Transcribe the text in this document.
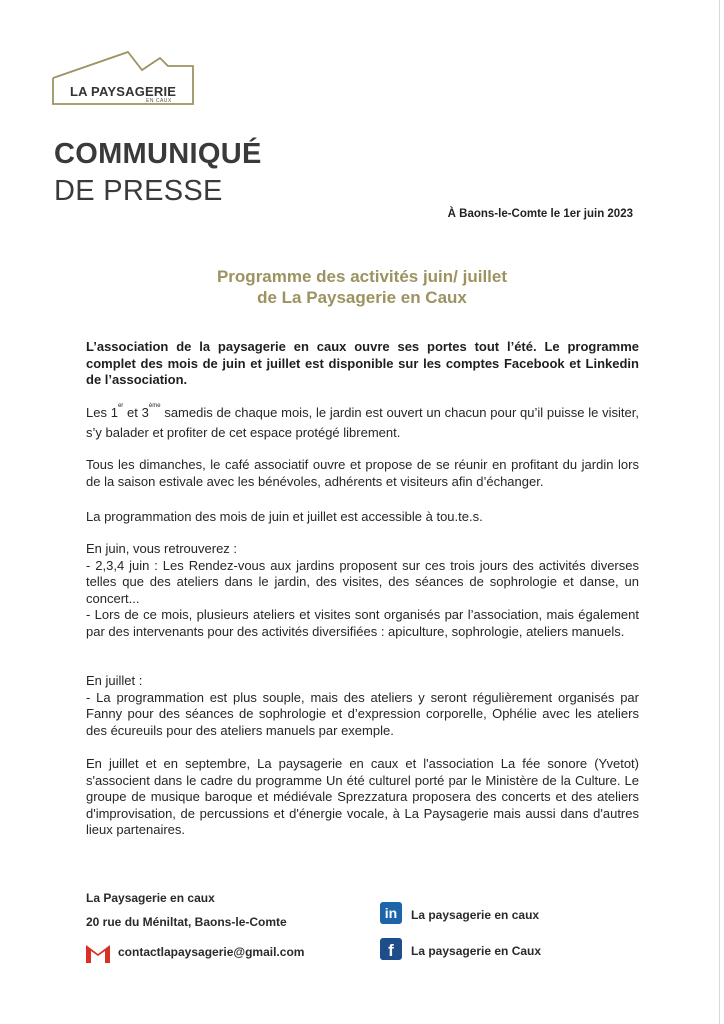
LA PAYSAGERIE
EN CAUX
COMMUNIQUÉ
DE PRESSE
À Baons-le-Comte le 1er juin 2023
Programme des activités juin/ juillet
de La Paysagerie en Caux

L’association de la paysagerie en caux ouvre ses portes tout l’été. Le programme complet des mois de juin et juillet est disponible sur les comptes Facebook et Linkedin de l’association.

Les 1er et 3ème samedis de chaque mois, le jardin est ouvert un chacun pour qu’il puisse le visiter, s’y balader et profiter de cet espace protégé librement.

Tous les dimanches, le café associatif ouvre et propose de se réunir en profitant du jardin lors de la saison estivale avec les bénévoles, adhérents et visiteurs afin d’échanger.

La programmation des mois de juin et juillet est accessible à tou.te.s.

En juin, vous retrouverez :

- 2,3,4 juin : Les Rendez-vous aux jardins proposent sur ces trois jours des activités diverses telles que des ateliers dans le jardin, des visites, des séances de sophrologie et danse, un concert...

- Lors de ce mois, plusieurs ateliers et visites sont organisés par l’association, mais également par des intervenants pour des activités diversifiées : apiculture, sophrologie, ateliers manuels.

En juillet :

- La programmation est plus souple, mais des ateliers y seront régulièrement organisés par Fanny pour des séances de sophrologie et d’expression corporelle, Ophélie avec les ateliers des écureuils pour des ateliers manuels par exemple.

En juillet et en septembre, La paysagerie en caux et l'association La fée sonore (Yvetot) s'associent dans le cadre du programme Un été culturel porté par le Ministère de la Culture. Le groupe de musique baroque et médiévale Sprezzatura proposera des concerts et des ateliers d'improvisation, de percussions et d'énergie vocale, à La Paysagerie mais aussi dans d'autres lieux partenaires.

La Paysagerie en caux
20 rue du Méniltat, Baons-le-Comte
contactlapaysagerie@gmail.com
in	La paysagerie en caux
f	La paysagerie en Caux
